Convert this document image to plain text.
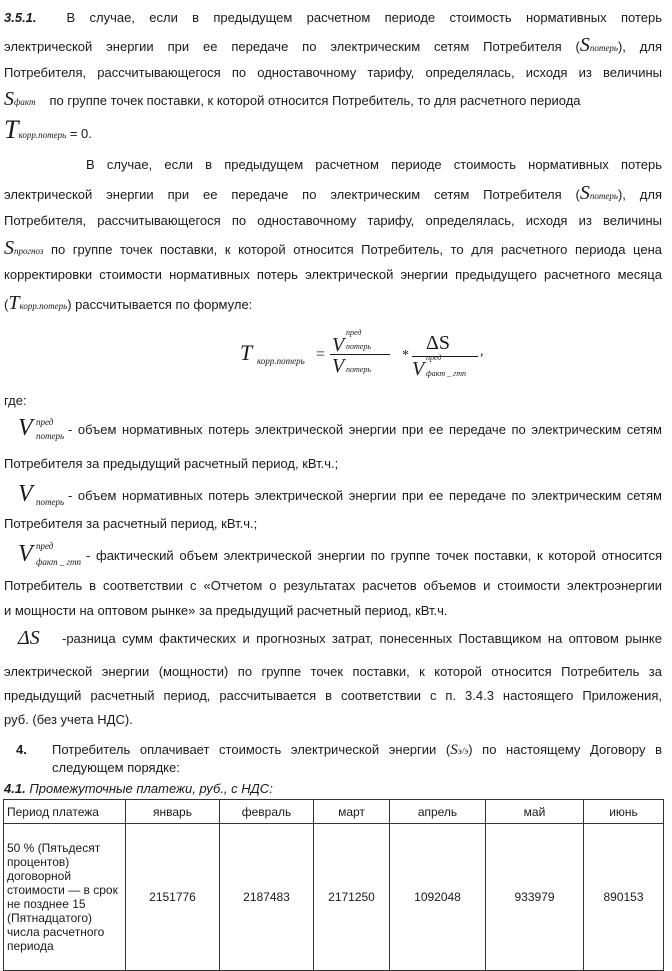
3.5.1. В случае, если в предыдущем расчетном периоде стоимость нормативных потерь
электрической энергии при ее передаче по электрическим сетям Потребителя (Sпотерь), для
Потребителя, рассчитывающегося по одноставочному тарифу, определялась, исходя из величины
Sфакт по группе точек поставки, к которой относится Потребитель, то для расчетного периода
Tкорр.потерь = 0.
В случае, если в предыдущем расчетном периоде стоимость нормативных потерь
электрической энергии при ее передаче по электрическим сетям Потребителя (Sпотерь), для
Потребителя, рассчитывающегося по одноставочному тарифу, определялась, исходя из величины
Sпрогноз по группе точек поставки, к которой относится Потребитель, то для расчетного периода цена
корректировки стоимости нормативных потерь электрической энергии предыдущего расчетного месяца
(Tкорр.потерь) рассчитывается по формуле:
T корр.потерь = V
пред
потерь
V потерь
*
ΔS
V
пред
факт _ гтп
,
где:
V пред
потерь - объем нормативных потерь электрической энергии при ее передаче по электрическим сетям
Потребителя за предыдущий расчетный период, кВт.ч.;
V потерь - объем нормативных потерь электрической энергии при ее передаче по электрическим сетям
Потребителя за расчетный период, кВт.ч.;
V пред
факт _ гтп - фактический объем электрической энергии по группе точек поставки, к которой относится
Потребитель в соответствии с «Отчетом о результатах расчетов объемов и стоимости электроэнергии
и мощности на оптовом рынке» за предыдущий расчетный период, кВт.ч.
ΔS -разница сумм фактических и прогнозных затрат, понесенных Поставщиком на оптовом рынке
электрической энергии (мощности) по группе точек поставки, к которой относится Потребитель за
предыдущий расчетный период, рассчитывается в соответствии с п. 3.4.3 настоящего Приложения,
руб. (без учета НДС).
4. Потребитель оплачивает стоимость электрической энергии (Sэ/э) по настоящему Договору в
следующем порядке:
4.1. Промежуточные платежи, руб., с НДС:
Период платежа	январь	февраль	март	апрель	май	июнь
50 % (Пятьдесят процентов) договорной стоимости — в срок не позднее 15 (Пятнадцатого) числа расчетного периода	2151776	2187483	2171250	1092048	933979	890153
